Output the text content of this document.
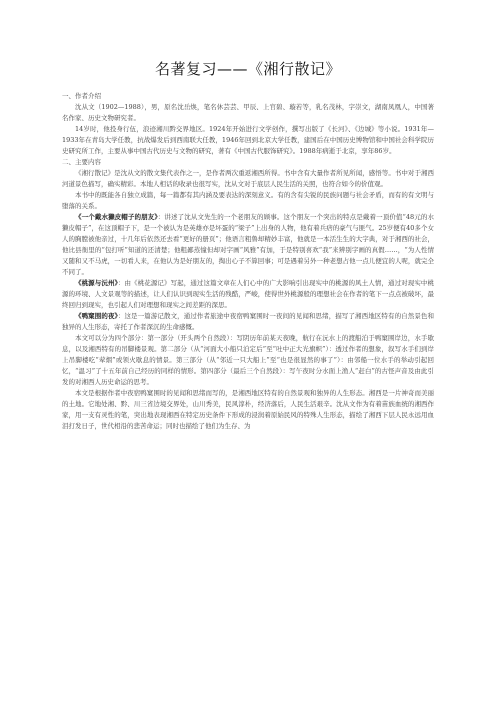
名著复习——《湘行散记》
一、作者介绍

沈从文（1902—1988），男，原名沈岳焕，笔名休芸芸、甲辰、上官碧、璇若等，乳名茂林，字崇文，湖南凤凰人，中国著名作家、历史文物研究者。

14岁时，他投身行伍，浪迹湘川黔交界地区。1924年开始进行文学创作，撰写出版了《长河》、《边城》等小说。1931年—1933年在青岛大学任教，抗战爆发后到西南联大任教，1946年回到北京大学任教，建国后在中国历史博物馆和中国社会科学院历史研究所工作，主要从事中国古代历史与文物的研究，著有《中国古代服饰研究》。1988年病逝于北京，享年86岁。

二、主要内容

《湘行散记》是沈从文的散文集代表作之一，是作者两次重返湘西所得。书中含有大量作者所见所闻，感悟等。书中对于湘西河道景色描写，确实精彩。本地人相话的收录也很写实，沈从文对于底层人民生活的关照，也符合如今的价值观。

本书中的既能各自独立成篇，每一篇都有其内涵及要表达的深刻意义。有的含有尖锐的民族问题与社会矛盾，而有的有文明与堕落的关系。

《一个戴水獭皮帽子的朋友》：讲述了沈从文先生的一个老朋友的顾事。这个朋友一个突出的特点是戴着一顶价值“48元的水獭皮帽子”，在这顶帽子下，是一个被认为是英雄亦是坏蛋的“梁子”上出身的人物，他有着兵痞的豪气与匪气。25岁便有40多个女人的胸膛被他亲过，十几年后依然还去看“更好的册页”；他语言粗鲁却精妙丰富，他就是一本活生生的大字典，对于湘西的社会，他比县衙里的“包打听”知道的还清楚；他粗鄙蒸憧但却对字画“风雅”有加，于是特别喜欢“我”来辨别字画的真假……，“为人性情又随和又不马虎，一切看人来，在他认为是好朋友的，掏出心子不算回事；可是遇着另外一种老想占他一点儿便宜的人呢，就完全不同了。

《桃源与沅州》：由《桃花源记》写起，通过这篇文章在人们心中的广大影响引出现实中的桃源的风土人情，通过对现实中桃源的环境、人文景观等的描述，让人们认识到现实生活的残酷，严峻，使得世外桃源般的理想社会在作者的笔下一点点被破坏，最终回归到现实，也引起人们对理想和现实之间差距的深思。

《鸭窠围的夜》：这是一篇游记散文，通过作者旅途中夜宿鸭窠围时一夜间的见闻和思绪，描写了湘西地区特有的自然景色和独异的人生形态，寄托了作者深沉的生命感慨。

本文可以分为四个部分：第一部分（开头两个自然段）：写阴历年前某天夜晚，航行在沅水上的渡船泊于鸭窠围岸边，水手歇息，以及湘西特有的吊脚楼景观。第二部分（从“河面大小船只泊定后”至“吐中正大光旗帜”）：透过作者的想象，叙写水手们到岸上吊脚楼吃“荤烟”或领火歇息的情景。第三部分（从“邻近一只大船上”至“也是很显然的事了”）：由邻船一位水手的举动引起回忆，“温习”了十五年前自己经历的同样的情形。第四部分（最后三个自然段）：写午夜时分水面上渔人“赶白”的古怪声音及由此引发的对湘西人历史命运的思考。

本文是根据作者中夜宿鸭窠围时的见闻和思绪而写的，是湘西地区特有的自然景观和独异的人生形态。湘西是一片神奇而美丽的土地。它地处湘、黔、川三省边境交界处，山川秀美，民风淳朴，经济落后，人民生活艰辛。沈从文作为有着苗族血统的湘西作家，用一支有灵性的笔，突出地表现湘西在特定历史条件下形成的浸润着原始民风的特殊人生形态，描绘了湘西下层人民永远用血泪打发日子，世代相沿的悲苦命运；同时也描绘了他们为生存、为
